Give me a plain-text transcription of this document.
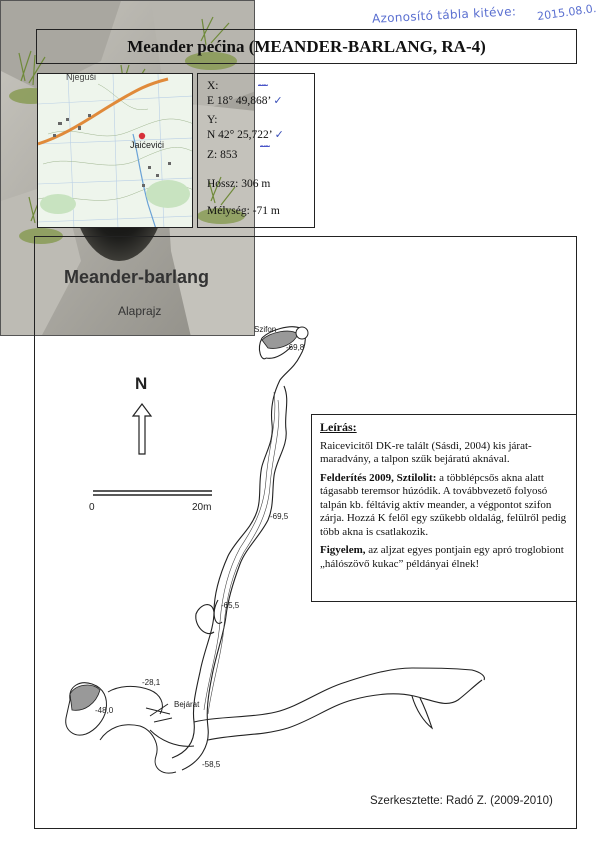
Azonosító tábla kitéve: 2015.08.0.
Meander pećina (MEANDER-BARLANG, RA-4)
Njeguši
Jaićevići
X:	~~
E 18° 49,868’ ✓
Y:
N 42° 25,722’ ✓
~~
Z: 853
Hossz: 306 m
Mélység: -71 m
Leírás:
Raicevicitől DK-re talált (Sásdi, 2004) kis járat-maradvány, a talpon szűk bejáratú aknával.
Felderítés 2009, Sztilolit: a többlépcsős akna alatt tágasabb teremsor húzódik. A továbbvezető folyosó talpán kb. féltávig aktív meander, a végpontot szifon zárja. Hozzá K felől egy szűkebb oldalág, felülről pedig több akna is csatlakozik.
Figyelem, az aljzat egyes pontjain egy apró troglobiont „hálószövő kukac” példányai élnek!
Meander-barlang
Alaprajz
N
0	20m
Szifon
-69,8
-69,5
-65,5
-28,1
-48,0
Bejárat
-58,5
Szerkesztette: Radó Z. (2009-2010)
